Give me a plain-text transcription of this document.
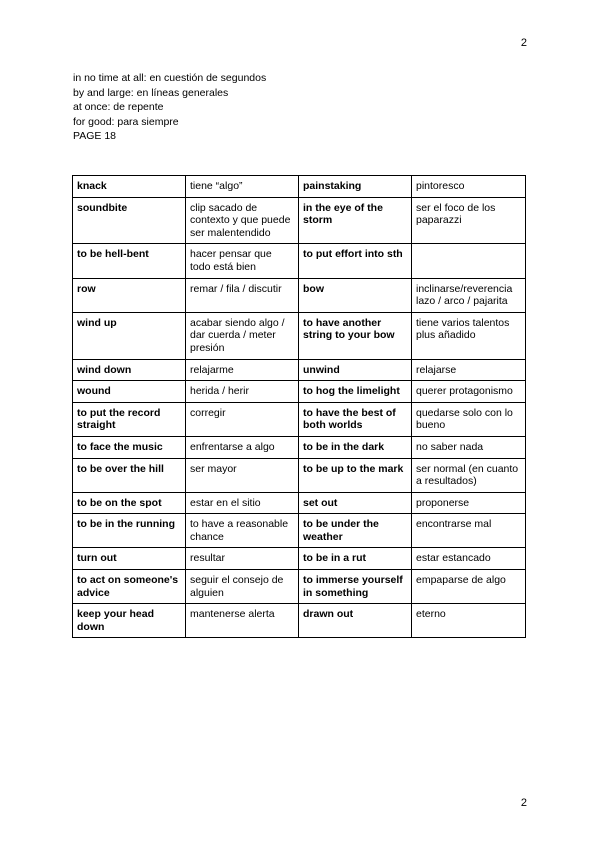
2
in no time at all: en cuestión de segundos
by and large: en líneas generales
at once: de repente
for good: para siempre
PAGE 18
knack	tiene “algo”	painstaking	pintoresco
soundbite	clip sacado de contexto y que puede ser malentendido	in the eye of the storm	ser el foco de los paparazzi
to be hell-bent	hacer pensar que todo está bien	to put effort into sth	
row	remar / fila / discutir	bow	inclinarse/reverencia lazo / arco / pajarita
wind up	acabar siendo algo / dar cuerda / meter presión	to have another string to your bow	tiene varios talentos plus añadido
wind down	relajarme	unwind	relajarse
wound	herida / herir	to hog the limelight	querer protagonismo
to put the record straight	corregir	to have the best of both worlds	quedarse solo con lo bueno
to face the music	enfrentarse a algo	to be in the dark	no saber nada
to be over the hill	ser mayor	to be up to the mark	ser normal (en cuanto a resultados)
to be on the spot	estar en el sitio	set out	proponerse
to be in the running	to have a reasonable chance	to be under the weather	encontrarse mal
turn out	resultar	to be in a rut	estar estancado
to act on someone's advice	seguir el consejo de alguien	to immerse yourself in something	empaparse de algo
keep your head down	mantenerse alerta	drawn out	eterno
2
